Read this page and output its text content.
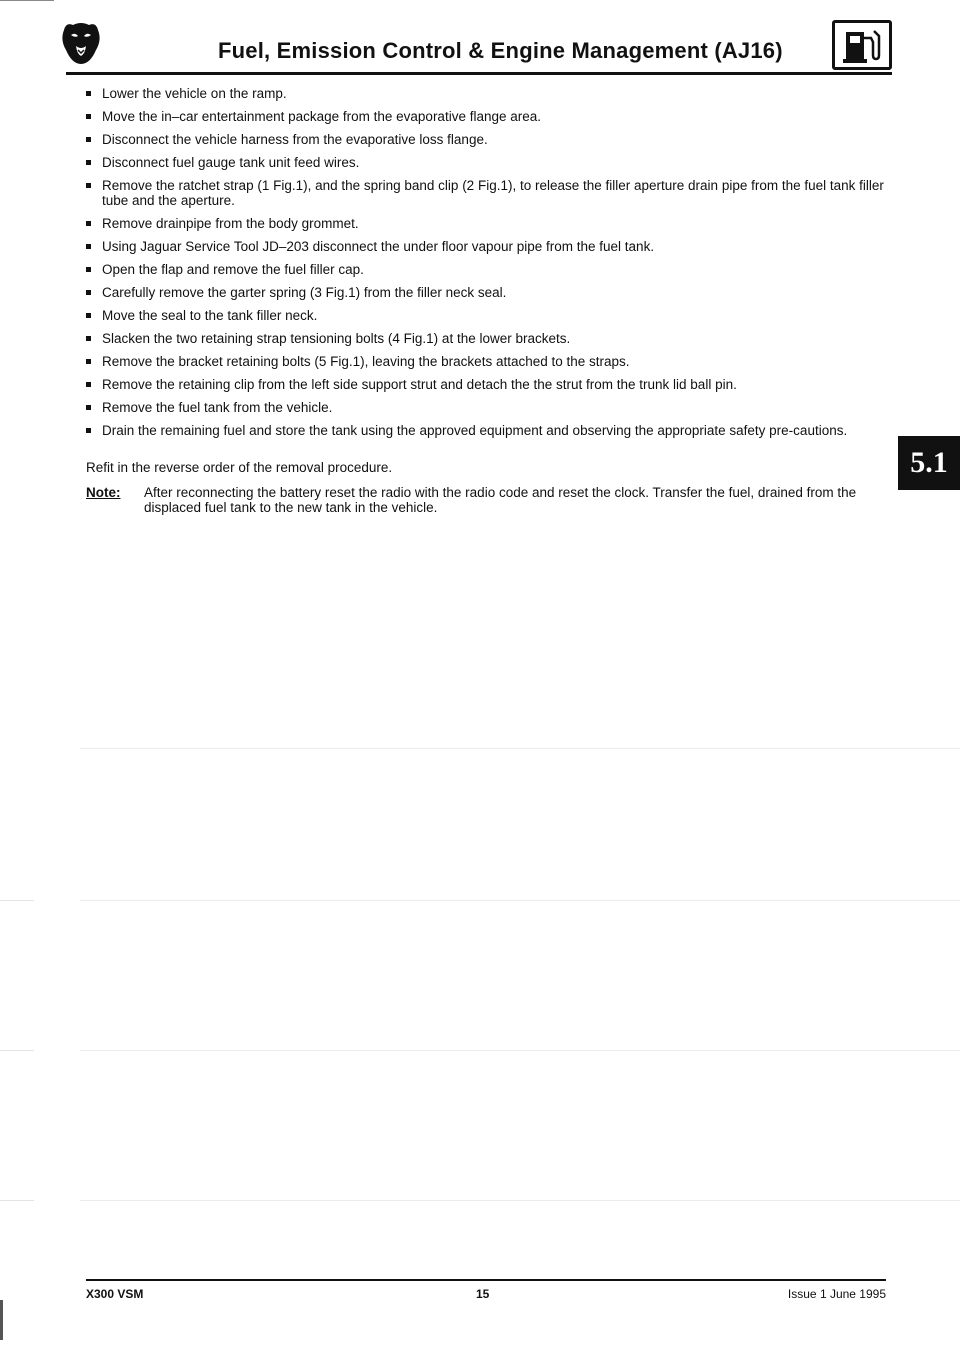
Fuel, Emission Control & Engine Management (AJ16)
Lower the vehicle on the ramp.
Move the in–car entertainment package from the evaporative flange area.
Disconnect the vehicle harness from the evaporative loss flange.
Disconnect fuel gauge tank unit feed wires.
Remove the ratchet strap (1 Fig.1), and the spring band clip (2 Fig.1), to release the filler aperture drain pipe from the fuel tank filler tube and the aperture.
Remove drainpipe from the body grommet.
Using Jaguar Service Tool JD–203 disconnect the under floor vapour pipe from the fuel tank.
Open the flap and remove the fuel filler cap.
Carefully remove the garter spring (3 Fig.1) from the filler neck seal.
Move the seal to the tank filler neck.
Slacken the two retaining strap tensioning bolts (4 Fig.1) at the lower brackets.
Remove the bracket retaining bolts (5 Fig.1), leaving the brackets attached to the straps.
Remove the retaining clip from the left side support strut and detach the the strut from the trunk lid ball pin.
Remove the fuel tank from the vehicle.
Drain the remaining fuel and store the tank using the approved equipment and observing the appropriate safety pre-cautions.

Refit in the reverse order of the removal procedure.

Note: After reconnecting the battery reset the radio with the radio code and reset the clock. Transfer the fuel, drained from the displaced fuel tank to the new tank in the vehicle.
5.1
X300 VSM	15	Issue 1 June 1995
